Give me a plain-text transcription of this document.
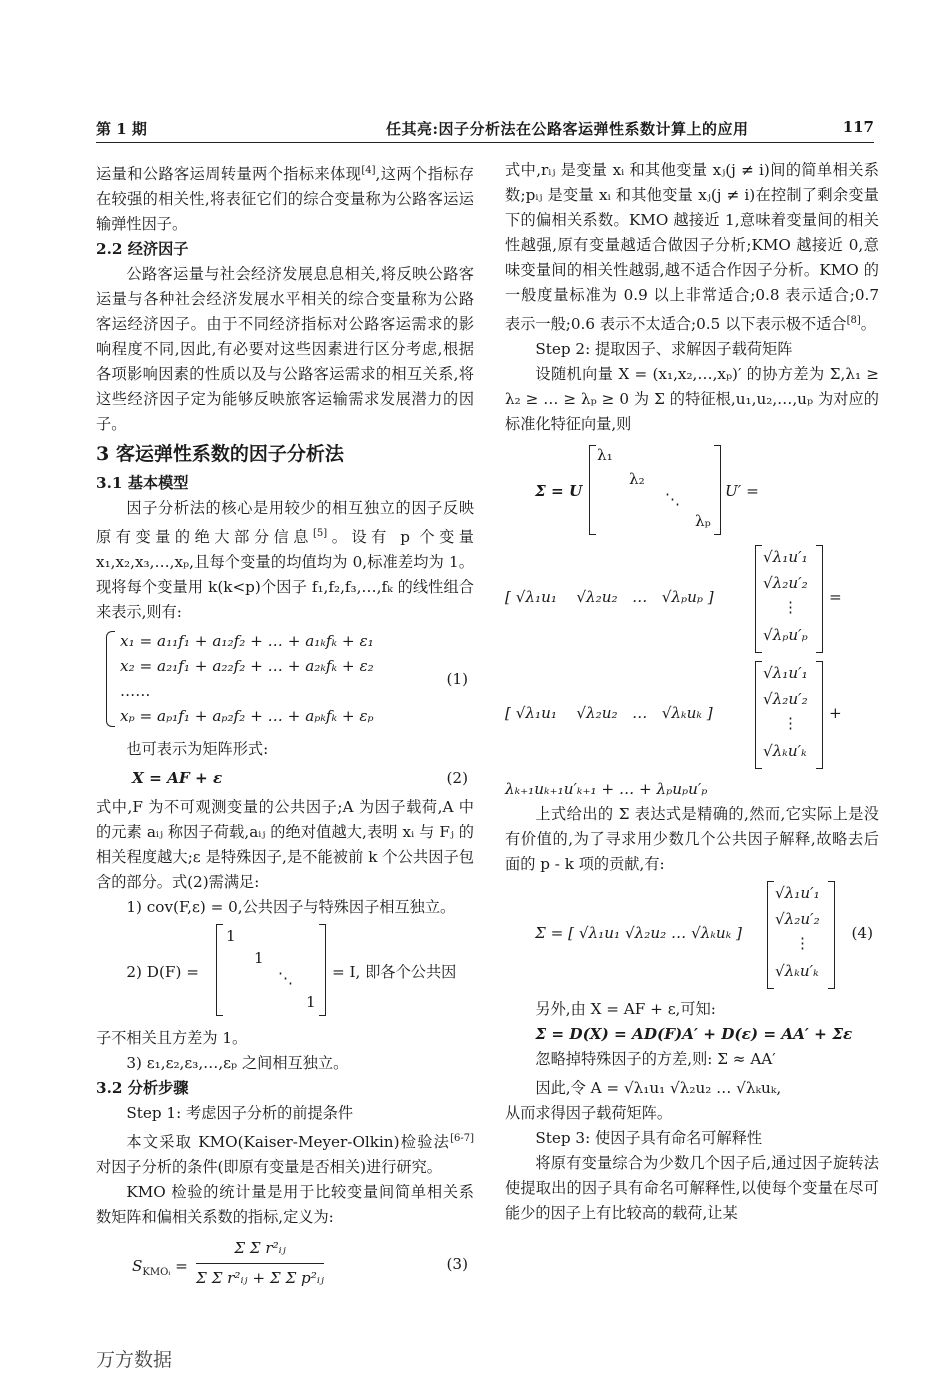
第 1 期	任其亮:因子分析法在公路客运弹性系数计算上的应用	117

运量和公路客运周转量两个指标来体现[4],这两个指标存在较强的相关性,将表征它们的综合变量称为公路客运运输弹性因子。

2.2 经济因子

公路客运量与社会经济发展息息相关,将反映公路客运量与各种社会经济发展水平相关的综合变量称为公路客运经济因子。由于不同经济指标对公路客运需求的影响程度不同,因此,有必要对这些因素进行区分考虑,根据各项影响因素的性质以及与公路客运需求的相互关系,将这些经济因子定为能够反映旅客运输需求发展潜力的因子。

3 客运弹性系数的因子分析法

3.1 基本模型

因子分析法的核心是用较少的相互独立的因子反映原有变量的绝大部分信息[5]。设有 p 个变量 x₁,x₂,x₃,…,xₚ,且每个变量的均值均为 0,标准差均为 1。现将每个变量用 k(k<p)个因子 f₁,f₂,f₃,…,fₖ 的线性组合来表示,则有:

x₁ = a₁₁f₁ + a₁₂f₂ + … + a₁ₖfₖ + ε₁
x₂ = a₂₁f₁ + a₂₂f₂ + … + a₂ₖfₖ + ε₂
……
xₚ = aₚ₁f₁ + aₚ₂f₂ + … + aₚₖfₖ + εₚ
(1)

也可表示为矩阵形式:

X = AF + ε	(2)

式中,F 为不可观测变量的公共因子;A 为因子载荷,A 中的元素 aᵢⱼ 称因子荷载,aᵢⱼ 的绝对值越大,表明 xᵢ 与 Fⱼ 的相关程度越大;ε 是特殊因子,是不能被前 k 个公共因子包含的部分。式(2)需满足:

1) cov(F,ε) = 0,公共因子与特殊因子相互独立。

2) D(F) =
1
1
⋱
1
= I, 即各个公共因

子不相关且方差为 1。

3) ε₁,ε₂,ε₃,…,εₚ 之间相互独立。

3.2 分析步骤

Step 1: 考虑因子分析的前提条件

本文采取 KMO(Kaiser-Meyer-Olkin)检验法[6-7]对因子分析的条件(即原有变量是否相关)进行研究。

KMO 检验的统计量是用于比较变量间简单相关系数矩阵和偏相关系数的指标,定义为:

$S_{KMOᵢ} = \frac{\text{Σ Σ r²ᵢⱼ}}{\text{Σ Σ r²ᵢⱼ + Σ Σ p²ᵢⱼ}}$	(3)

式中,rᵢⱼ 是变量 xᵢ 和其他变量 xⱼ(j ≠ i)间的简单相关系数;pᵢⱼ 是变量 xᵢ 和其他变量 xⱼ(j ≠ i)在控制了剩余变量下的偏相关系数。KMO 越接近 1,意味着变量间的相关性越强,原有变量越适合做因子分析;KMO 越接近 0,意味变量间的相关性越弱,越不适合作因子分析。KMO 的一般度量标准为 0.9 以上非常适合;0.8 表示适合;0.7 表示一般;0.6 表示不太适合;0.5 以下表示极不适合[8]。

Step 2: 提取因子、求解因子载荷矩阵

设随机向量 X = (x₁,x₂,…,xₚ)′ 的协方差为 Σ,λ₁ ≥ λ₂ ≥ … ≥ λₚ ≥ 0 为 Σ 的特征根,u₁,u₂,…,uₚ 为对应的标准化特征向量,则

Σ = U
λ₁
λ₂
⋱
λₚ
U′ =
[ √λ₁u₁    √λ₂u₂   …   √λₚuₚ ]
√λ₁u′₁
√λ₂u′₂
⋮
√λₚu′ₚ
=
[ √λ₁u₁    √λ₂u₂   …   √λₖuₖ ]
√λ₁u′₁
√λ₂u′₂
⋮
√λₖu′ₖ
+

λₖ₊₁uₖ₊₁u′ₖ₊₁ + … + λₚuₚu′ₚ

上式给出的 Σ 表达式是精确的,然而,它实际上是没有价值的,为了寻求用少数几个公共因子解释,故略去后面的 p - k 项的贡献,有:

Σ = [ √λ₁u₁ √λ₂u₂ … √λₖuₖ ]
√λ₁u′₁
√λ₂u′₂
⋮
√λₖu′ₖ
(4)

另外,由 X = AF + ε,可知:

Σ = D(X) = AD(F)A′ + D(ε) = AA′ + Σε

忽略掉特殊因子的方差,则: Σ ≈ AA′

因此,令 A = √λ₁u₁ √λ₂u₂ … √λₖuₖ,

从而求得因子载荷矩阵。

Step 3: 使因子具有命名可解释性

将原有变量综合为少数几个因子后,通过因子旋转法使提取出的因子具有命名可解释性,以使每个变量在尽可能少的因子上有比较高的载荷,让某

万方数据
